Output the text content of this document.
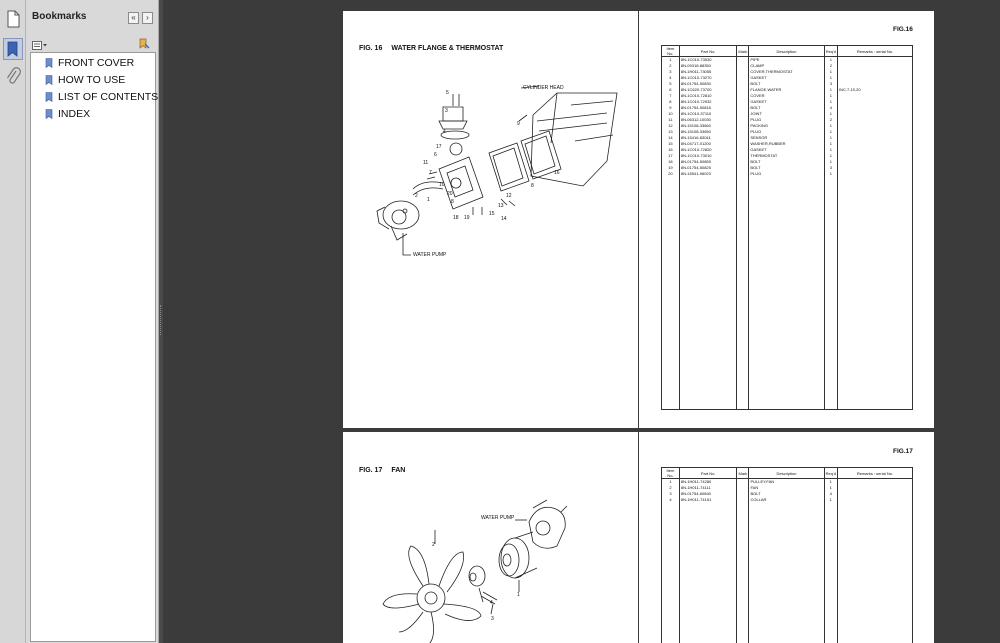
Bookmarks	«	›
FRONT COVER
HOW TO USE
LIST OF CONTENTS
INDEX
FIG. 16 WATER FLANGE & THERMOSTAT
5
3
4
17
6
11
7
10
20
9
2
1	8
18 19
15
12
13
14
16
8
CYLINDER HEAD
WATER PUMP
FIG.16
Item No.	Part No.	Mark	Description	Req'd	Remarks : serial No.
1	8N-1C010-73530		PIPE	1	
2	8N-09318-88350		CLAMP	2	
3	8N-1H011-73055		COVER,THERMOSTAT	1	
4	8N-1C010-73270		GASKET	1	
5	8N-01754-50830		BOLT	3	
6	8N-1C620-73700		FLANGE,WATER	1	INC.7-10,20
7	8N-1C010-72810		COVER	1	
8	8N-1C010-72932		GASKET	1	
9	8N-01754-50816		BOLT	4	
10	8N-1C010-37110		JOINT	1	
11	8N-06312-10030		PLUG	2	
12	8N-15108-33660		PACKING	1	
13	8N-15108-33650		PLUG	1	
14	8N-15416-83041		SENSOR	1	
15	8N-04717-01200		WASHER,RUBBER	1	
16	8N-1C010-72820		GASKET	1	
17	8N-1C010-73010		THERMOSTAT	1	
18	8N-01754-50855		BOLT	1	
19	8N-01754-50825		BOLT	3	
20	8N-15541-96023		PLUG	1	

FIG. 17 FAN
2
3
4
1
WATER PUMP
FIG.17
Item No.	Part No.	Mark	Description	Req'd	Remarks : serial No.
1	8N-1H011-74280		PULLEY,FAN	1	
2	8N-1H011-74111		FAN	1	
3	8N-01754-60840		BOLT	4	
4	8N-1H011-74151		COLLAR	1	
